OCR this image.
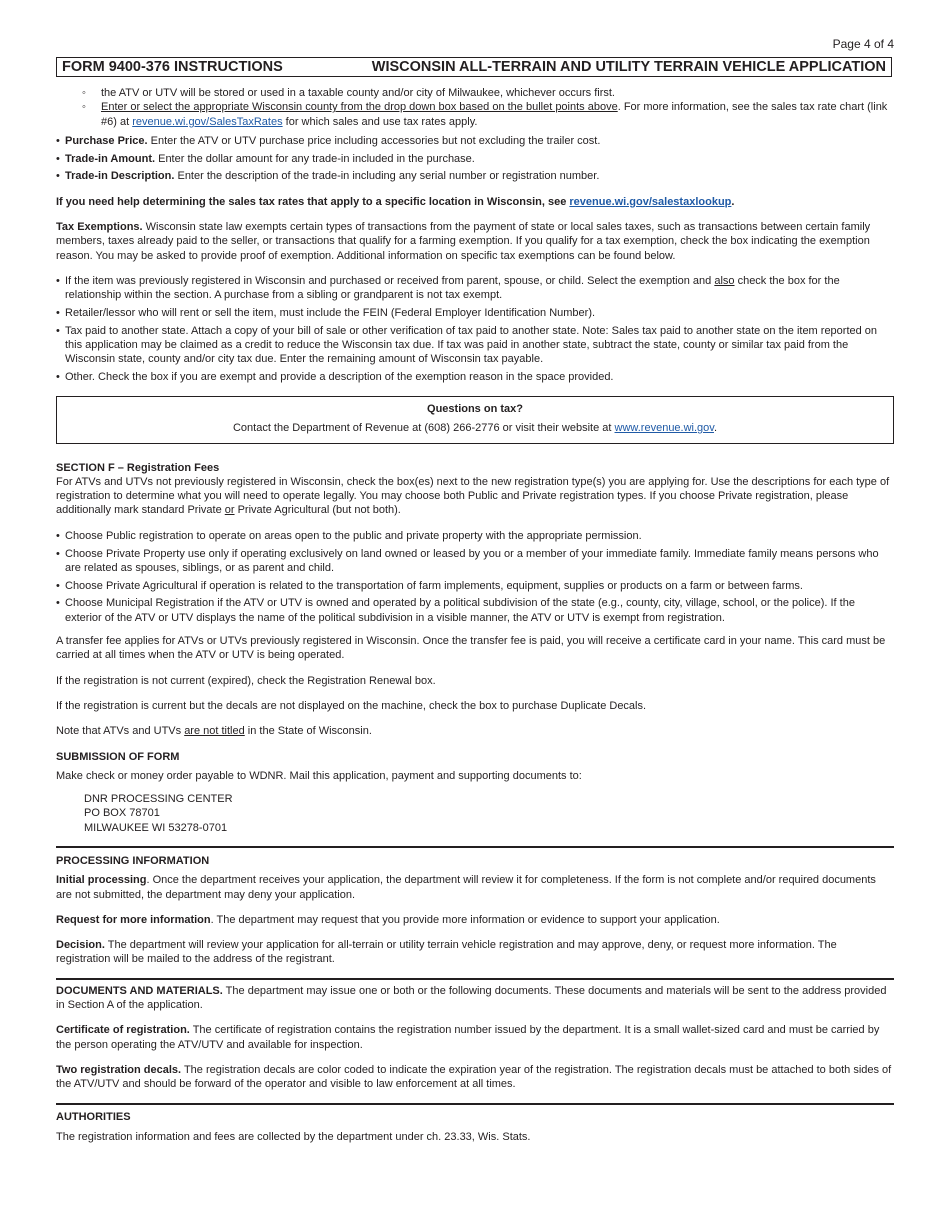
Page 4 of 4
FORM 9400-376 INSTRUCTIONS	WISCONSIN ALL-TERRAIN AND UTILITY TERRAIN VEHICLE APPLICATION
◦ the ATV or UTV will be stored or used in a taxable county and/or city of Milwaukee, whichever occurs first.
◦ Enter or select the appropriate Wisconsin county from the drop down box based on the bullet points above. For more information, see the sales tax rate chart (link #6) at revenue.wi.gov/SalesTaxRates for which sales and use tax rates apply.
• Purchase Price. Enter the ATV or UTV purchase price including accessories but not excluding the trailer cost.
• Trade-in Amount. Enter the dollar amount for any trade-in included in the purchase.
• Trade-in Description. Enter the description of the trade-in including any serial number or registration number.

If you need help determining the sales tax rates that apply to a specific location in Wisconsin, see revenue.wi.gov/salestaxlookup.

Tax Exemptions. Wisconsin state law exempts certain types of transactions from the payment of state or local sales taxes, such as transactions between certain family members, taxes already paid to the seller, or transactions that qualify for a farming exemption. If you qualify for a tax exemption, check the box indicating the exemption reason. You may be asked to provide proof of exemption. Additional information on specific tax exemptions can be found below.

• If the item was previously registered in Wisconsin and purchased or received from parent, spouse, or child. Select the exemption and also check the box for the relationship within the section. A purchase from a sibling or grandparent is not tax exempt.
• Retailer/lessor who will rent or sell the item, must include the FEIN (Federal Employer Identification Number).
• Tax paid to another state. Attach a copy of your bill of sale or other verification of tax paid to another state. Note: Sales tax paid to another state on the item reported on this application may be claimed as a credit to reduce the Wisconsin tax due. If tax was paid in another state, subtract the state, county or similar tax paid from the Wisconsin state, county and/or city tax due. Enter the remaining amount of Wisconsin tax payable.
• Other. Check the box if you are exempt and provide a description of the exemption reason in the space provided.
Questions on tax?
Contact the Department of Revenue at (608) 266-2776 or visit their website at www.revenue.wi.gov.
SECTION F – Registration Fees

For ATVs and UTVs not previously registered in Wisconsin, check the box(es) next to the new registration type(s) you are applying for. Use the descriptions for each type of registration to determine what you will need to operate legally. You may choose both Public and Private registration types. If you choose Private registration, please additionally mark standard Private or Private Agricultural (but not both).

• Choose Public registration to operate on areas open to the public and private property with the appropriate permission.
• Choose Private Property use only if operating exclusively on land owned or leased by you or a member of your immediate family. Immediate family means persons who are related as spouses, siblings, or as parent and child.
• Choose Private Agricultural if operation is related to the transportation of farm implements, equipment, supplies or products on a farm or between farms.
• Choose Municipal Registration if the ATV or UTV is owned and operated by a political subdivision of the state (e.g., county, city, village, school, or the police). If the exterior of the ATV or UTV displays the name of the political subdivision in a visible manner, the ATV or UTV is exempt from registration.

A transfer fee applies for ATVs or UTVs previously registered in Wisconsin. Once the transfer fee is paid, you will receive a certificate card in your name. This card must be carried at all times when the ATV or UTV is being operated.

If the registration is not current (expired), check the Registration Renewal box.

If the registration is current but the decals are not displayed on the machine, check the box to purchase Duplicate Decals.

Note that ATVs and UTVs are not titled in the State of Wisconsin.

SUBMISSION OF FORM

Make check or money order payable to WDNR. Mail this application, payment and supporting documents to:

DNR PROCESSING CENTER
PO BOX 78701
MILWAUKEE WI 53278-0701
PROCESSING INFORMATION

Initial processing. Once the department receives your application, the department will review it for completeness. If the form is not complete and/or required documents are not submitted, the department may deny your application.

Request for more information. The department may request that you provide more information or evidence to support your application.

Decision. The department will review your application for all-terrain or utility terrain vehicle registration and may approve, deny, or request more information. The registration will be mailed to the address of the registrant.

DOCUMENTS AND MATERIALS. The department may issue one or both or the following documents. These documents and materials will be sent to the address provided in Section A of the application.

Certificate of registration. The certificate of registration contains the registration number issued by the department. It is a small wallet-sized card and must be carried by the person operating the ATV/UTV and available for inspection.

Two registration decals. The registration decals are color coded to indicate the expiration year of the registration. The registration decals must be attached to both sides of the ATV/UTV and should be forward of the operator and visible to law enforcement at all times.

AUTHORITIES

The registration information and fees are collected by the department under ch. 23.33, Wis. Stats.
